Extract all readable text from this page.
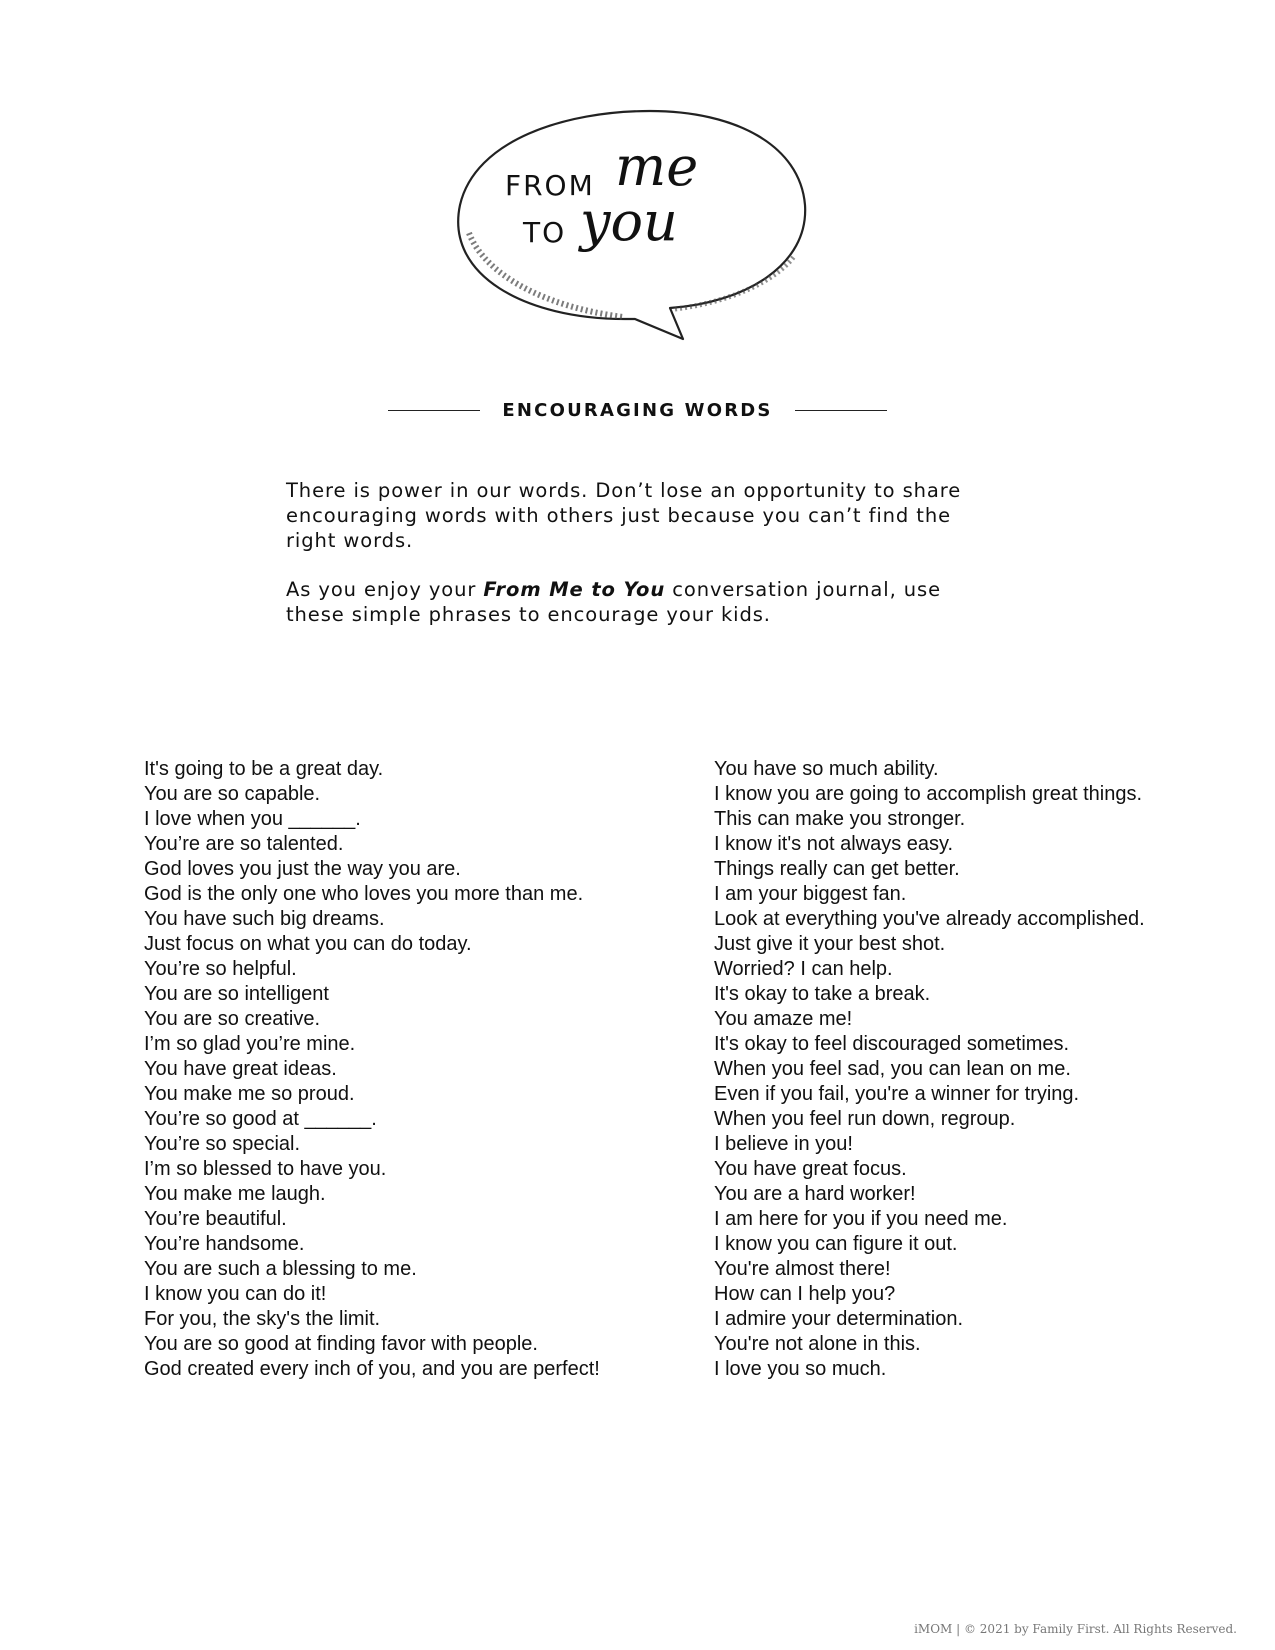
FROM me
TO you
ENCOURAGING WORDS

There is power in our words. Don’t lose an opportunity to share encouraging words with others just because you can’t find the right words.

As you enjoy your From Me to You conversation journal, use these simple phrases to encourage your kids.

It's going to be a great day.
You are so capable.
I love when you ______.
You’re are so talented.
God loves you just the way you are.
God is the only one who loves you more than me.
You have such big dreams.
Just focus on what you can do today.
You’re so helpful.
You are so intelligent
You are so creative.
I’m so glad you’re mine.
You have great ideas.
You make me so proud.
You’re so good at ______.
You’re so special.
I’m so blessed to have you.
You make me laugh.
You’re beautiful.
You’re handsome.
You are such a blessing to me.
I know you can do it!
For you, the sky's the limit.
You are so good at finding favor with people.
God created every inch of you, and you are perfect!
You have so much ability.
I know you are going to accomplish great things.
This can make you stronger.
I know it's not always easy.
Things really can get better.
I am your biggest fan.
Look at everything you've already accomplished.
Just give it your best shot.
Worried? I can help.
It's okay to take a break.
You amaze me!
It's okay to feel discouraged sometimes.
When you feel sad, you can lean on me.
Even if you fail, you're a winner for trying.
When you feel run down, regroup.
I believe in you!
You have great focus.
You are a hard worker!
I am here for you if you need me.
I know you can figure it out.
You're almost there!
How can I help you?
I admire your determination.
You're not alone in this.
I love you so much.
iMOM | © 2021 by Family First. All Rights Reserved.
